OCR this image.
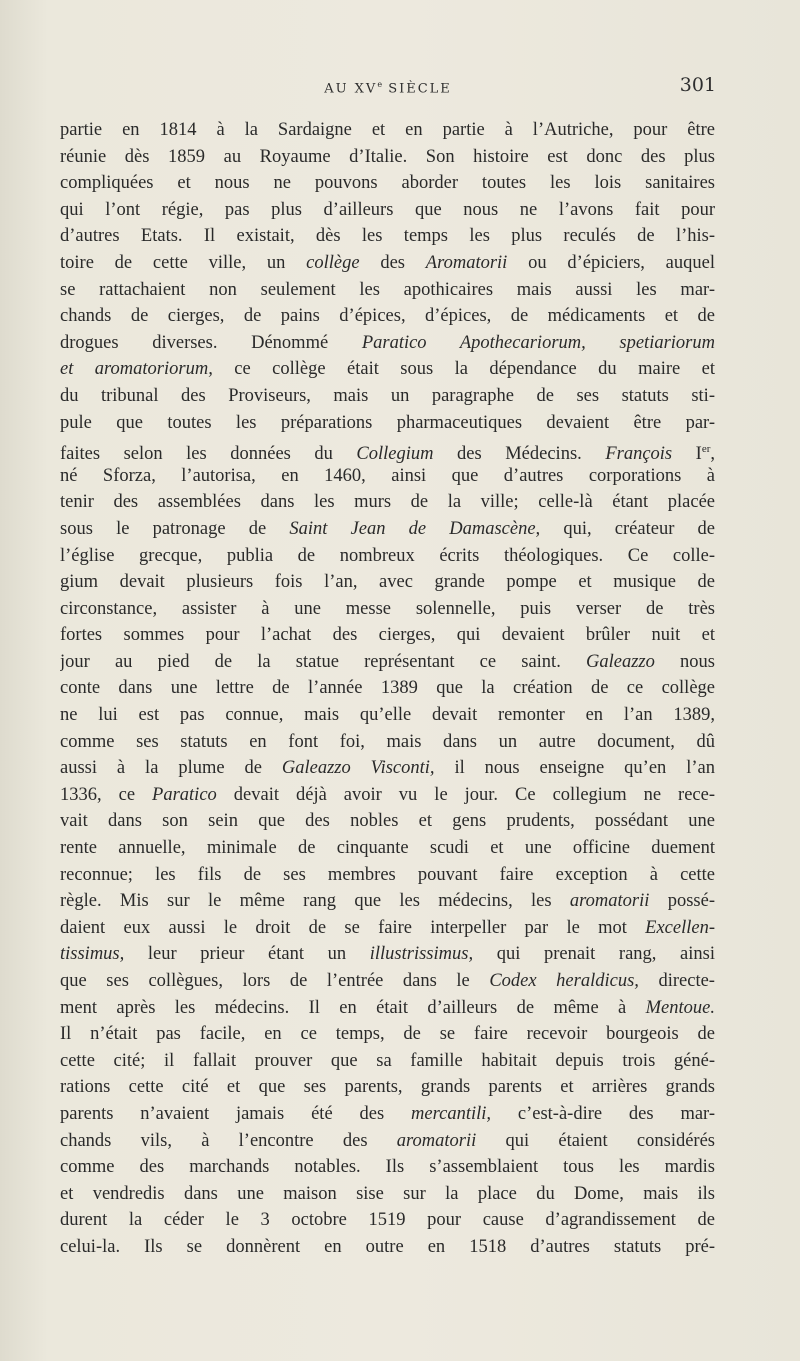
AU XVe SIÈCLE	301
partie en 1814 à la Sardaigne et en partie à l’Autriche, pour être
réunie dès 1859 au Royaume d’Italie. Son histoire est donc des plus
compliquées et nous ne pouvons aborder toutes les lois sanitaires
qui l’ont régie, pas plus d’ailleurs que nous ne l’avons fait pour
d’autres Etats. Il existait, dès les temps les plus reculés de l’his-
toire de cette ville, un collège des Aromatorii ou d’épiciers, auquel
se rattachaient non seulement les apothicaires mais aussi les mar-
chands de cierges, de pains d’épices, d’épices, de médicaments et de
drogues diverses. Dénommé Paratico Apothecariorum, spetiariorum
et aromatoriorum, ce collège était sous la dépendance du maire et
du tribunal des Proviseurs, mais un paragraphe de ses statuts sti-
pule que toutes les préparations pharmaceutiques devaient être par-
faites selon les données du Collegium des Médecins. François Ier,
né Sforza, l’autorisa, en 1460, ainsi que d’autres corporations à
tenir des assemblées dans les murs de la ville; celle-là étant placée
sous le patronage de Saint Jean de Damascène, qui, créateur de
l’église grecque, publia de nombreux écrits théologiques. Ce colle-
gium devait plusieurs fois l’an, avec grande pompe et musique de
circonstance, assister à une messe solennelle, puis verser de très
fortes sommes pour l’achat des cierges, qui devaient brûler nuit et
jour au pied de la statue représentant ce saint. Galeazzo nous
conte dans une lettre de l’année 1389 que la création de ce collège
ne lui est pas connue, mais qu’elle devait remonter en l’an 1389,
comme ses statuts en font foi, mais dans un autre document, dû
aussi à la plume de Galeazzo Visconti, il nous enseigne qu’en l’an
1336, ce Paratico devait déjà avoir vu le jour. Ce collegium ne rece-
vait dans son sein que des nobles et gens prudents, possédant une
rente annuelle, minimale de cinquante scudi et une officine duement
reconnue; les fils de ses membres pouvant faire exception à cette
règle. Mis sur le même rang que les médecins, les aromatorii possé-
daient eux aussi le droit de se faire interpeller par le mot Excellen-
tissimus, leur prieur étant un illustrissimus, qui prenait rang, ainsi
que ses collègues, lors de l’entrée dans le Codex heraldicus, directe-
ment après les médecins. Il en était d’ailleurs de même à Mentoue.
Il n’était pas facile, en ce temps, de se faire recevoir bourgeois de
cette cité; il fallait prouver que sa famille habitait depuis trois géné-
rations cette cité et que ses parents, grands parents et arrières grands
parents n’avaient jamais été des mercantili, c’est-à-dire des mar-
chands vils, à l’encontre des aromatorii qui étaient considérés
comme des marchands notables. Ils s’assemblaient tous les mardis
et vendredis dans une maison sise sur la place du Dome, mais ils
durent la céder le 3 octobre 1519 pour cause d’agrandissement de
celui-la. Ils se donnèrent en outre en 1518 d’autres statuts pré-
